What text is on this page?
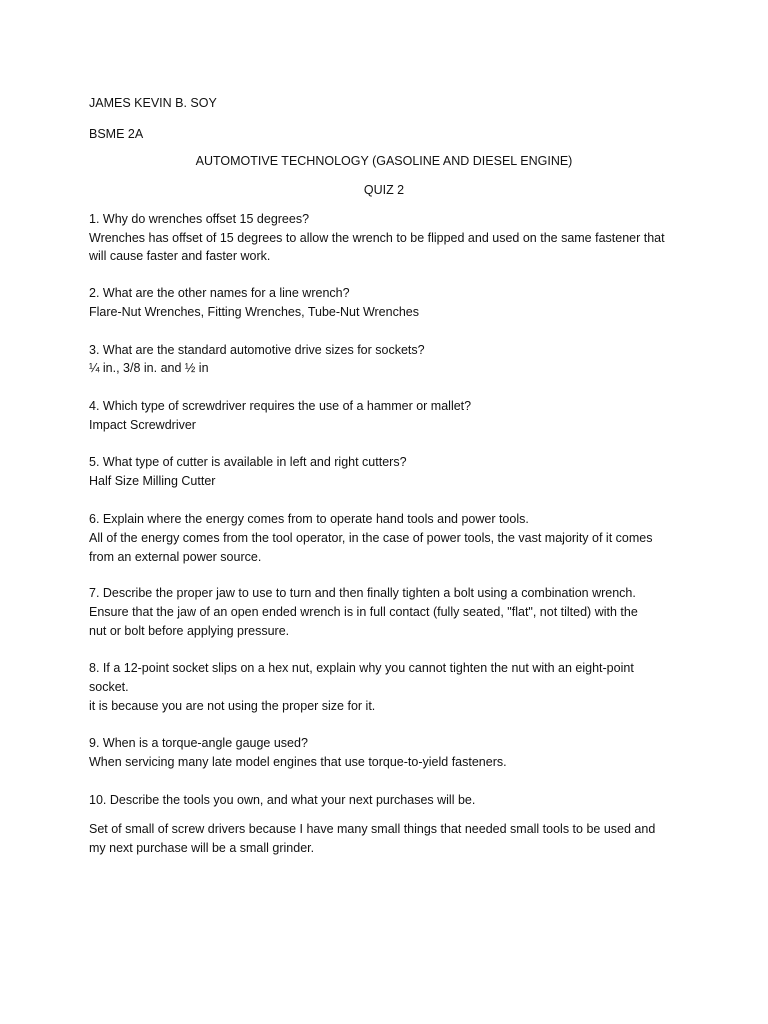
JAMES KEVIN B. SOY
BSME 2A
AUTOMOTIVE TECHNOLOGY (GASOLINE AND DIESEL ENGINE)
QUIZ 2
1. Why do wrenches offset 15 degrees?
Wrenches has offset of 15 degrees to allow the wrench to be flipped and used on the same fastener that
will cause faster and faster work.
2. What are the other names for a line wrench?
Flare-Nut Wrenches, Fitting Wrenches, Tube-Nut Wrenches
3. What are the standard automotive drive sizes for sockets?
¼ in., 3/8 in. and ½ in
4. Which type of screwdriver requires the use of a hammer or mallet?
Impact Screwdriver
5. What type of cutter is available in left and right cutters?
Half Size Milling Cutter
6. Explain where the energy comes from to operate hand tools and power tools.
All of the energy comes from the tool operator, in the case of power tools, the vast majority of it comes
from an external power source.
7. Describe the proper jaw to use to turn and then finally tighten a bolt using a combination wrench.
Ensure that the jaw of an open ended wrench is in full contact (fully seated, "flat", not tilted) with the
nut or bolt before applying pressure.
8. If a 12-point socket slips on a hex nut, explain why you cannot tighten the nut with an eight-point
socket.
it is because you are not using the proper size for it.
9. When is a torque-angle gauge used?
When servicing many late model engines that use torque-to-yield fasteners.
10. Describe the tools you own, and what your next purchases will be.
Set of small of screw drivers because I have many small things that needed small tools to be used and
my next purchase will be a small grinder.
